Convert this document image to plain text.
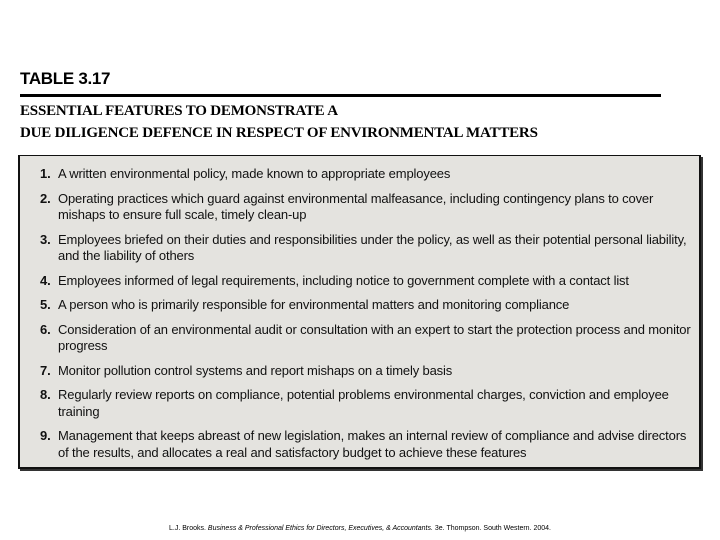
TABLE 3.17
ESSENTIAL FEATURES TO DEMONSTRATE A
DUE DILIGENCE DEFENCE IN RESPECT OF ENVIRONMENTAL MATTERS
1. A written environmental policy, made known to appropriate employees
2. Operating practices which guard against environmental malfeasance, including contingency plans to cover mishaps to ensure full scale, timely clean-up
3. Employees briefed on their duties and responsibilities under the policy, as well as their potential personal liability, and the liability of others
4. Employees informed of legal requirements, including notice to government complete with a contact list
5. A person who is primarily responsible for environmental matters and monitoring compliance
6. Consideration of an environmental audit or consultation with an expert to start the protection process and monitor progress
7. Monitor pollution control systems and report mishaps on a timely basis
8. Regularly review reports on compliance, potential problems environmental charges, conviction and employee training
9. Management that keeps abreast of new legislation, makes an internal review of compliance and advise directors of the results, and allocates a real and satisfactory budget to achieve these features
L.J. Brooks. Business & Professional Ethics for Directors, Executives, & Accountants. 3e. Thompson. South Western. 2004.
